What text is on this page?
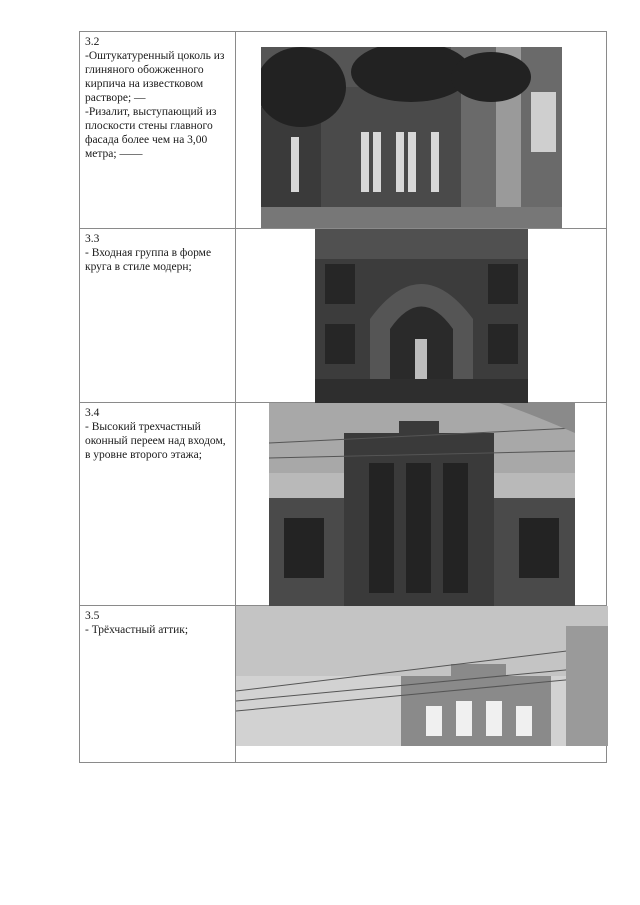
3.2
-Оштукатуренный цоколь из глиняного обожженного кирпича на известковом растворе; —
-Ризалит, выступающий из плоскости стены главного фасада более чем на 3,00 метра; ——

3.3
- Входная группа в форме круга в стиле модерн;

3.4
- Высокий трехчастный оконный переем над входом, в уровне второго этажа;

3.5
- Трёхчастный аттик;
